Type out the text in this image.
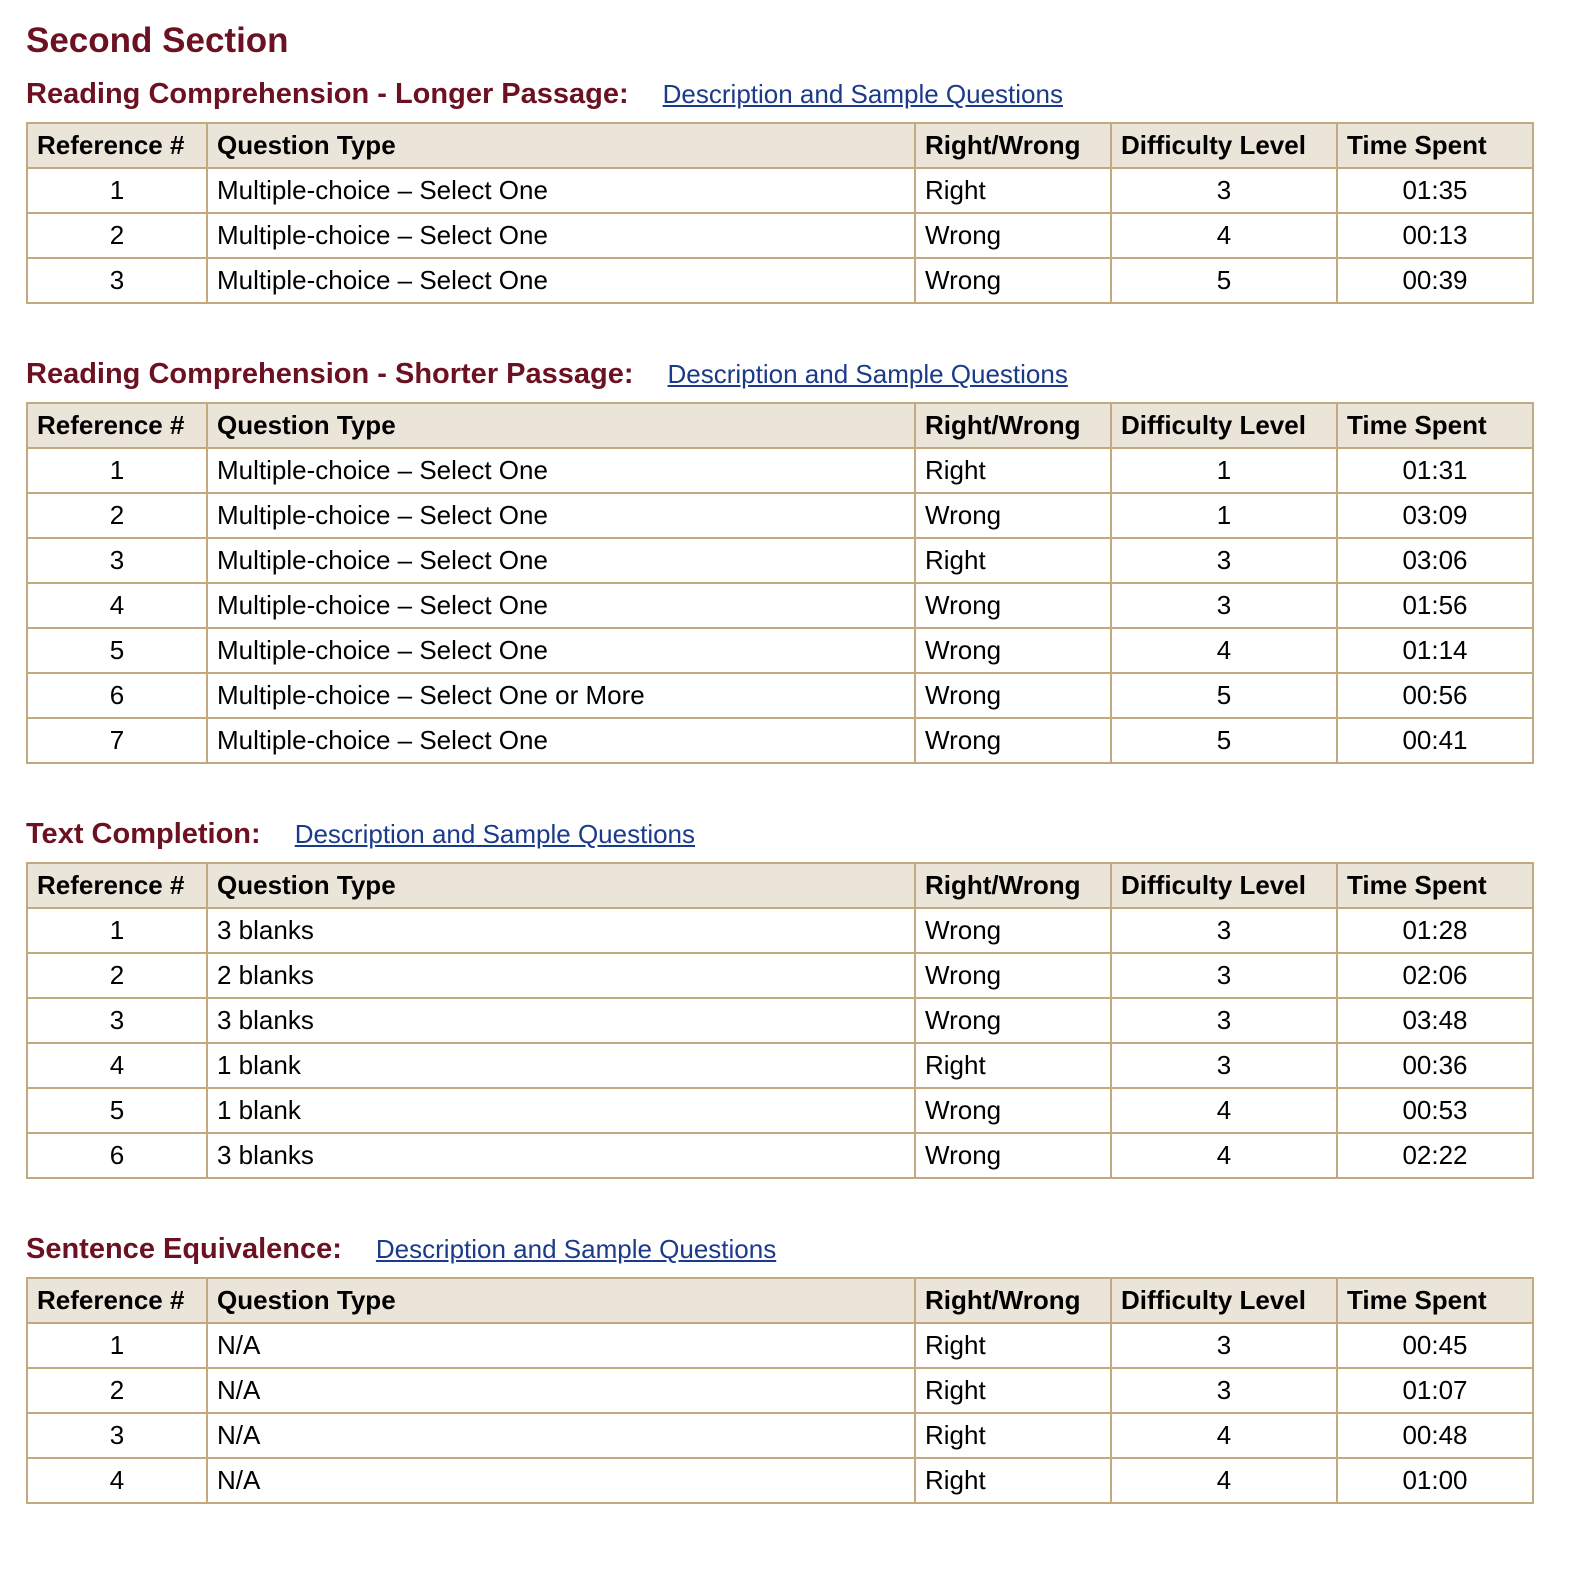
Second Section
Reading Comprehension - Longer Passage: Description and Sample Questions
Reference #	Question Type	Right/Wrong	Difficulty Level	Time Spent
1	Multiple-choice – Select One	Right	3	01:35
2	Multiple-choice – Select One	Wrong	4	00:13
3	Multiple-choice – Select One	Wrong	5	00:39
Reading Comprehension - Shorter Passage: Description and Sample Questions
Reference #	Question Type	Right/Wrong	Difficulty Level	Time Spent
1	Multiple-choice – Select One	Right	1	01:31
2	Multiple-choice – Select One	Wrong	1	03:09
3	Multiple-choice – Select One	Right	3	03:06
4	Multiple-choice – Select One	Wrong	3	01:56
5	Multiple-choice – Select One	Wrong	4	01:14
6	Multiple-choice – Select One or More	Wrong	5	00:56
7	Multiple-choice – Select One	Wrong	5	00:41
Text Completion: Description and Sample Questions
Reference #	Question Type	Right/Wrong	Difficulty Level	Time Spent
1	3 blanks	Wrong	3	01:28
2	2 blanks	Wrong	3	02:06
3	3 blanks	Wrong	3	03:48
4	1 blank	Right	3	00:36
5	1 blank	Wrong	4	00:53
6	3 blanks	Wrong	4	02:22
Sentence Equivalence: Description and Sample Questions
Reference #	Question Type	Right/Wrong	Difficulty Level	Time Spent
1	N/A	Right	3	00:45
2	N/A	Right	3	01:07
3	N/A	Right	4	00:48
4	N/A	Right	4	01:00
